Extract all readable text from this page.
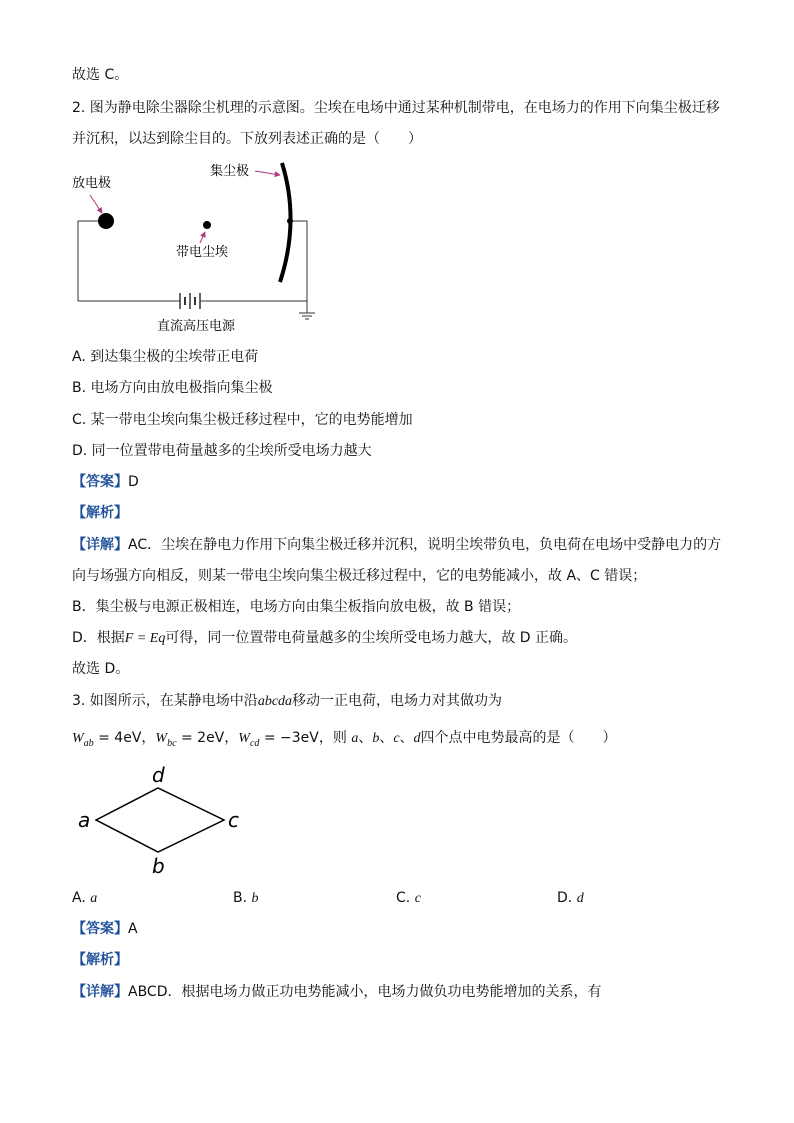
故选 C。
2. 图为静电除尘器除尘机理的示意图。尘埃在电场中通过某种机制带电，在电场力的作用下向集尘极迁移
并沉积，以达到除尘目的。下放列表述正确的是（　　）
放电极
集尘极
带电尘埃
直流高压电源
A. 到达集尘极的尘埃带正电荷
B. 电场方向由放电极指向集尘极
C. 某一带电尘埃向集尘极迁移过程中，它的电势能增加
D. 同一位置带电荷量越多的尘埃所受电场力越大
【答案】D
【解析】
【详解】AC．尘埃在静电力作用下向集尘极迁移并沉积，说明尘埃带负电，负电荷在电场中受静电力的方
向与场强方向相反，则某一带电尘埃向集尘极迁移过程中，它的电势能减小，故 A、C 错误；
B．集尘极与电源正极相连，电场方向由集尘板指向放电极，故 B 错误；
D．根据F = Eq可得，同一位置带电荷量越多的尘埃所受电场力越大，故 D 正确。
故选 D。
3. 如图所示，在某静电场中沿abcda移动一正电荷，电场力对其做功为
$W_{ab} = 4eV$，$W_{bc} = 2eV$，$W_{cd} = -3eV$，则 a、b、c、d四个点中电势最高的是（　　）
a
b
c
d
A. a	B. b	C. c	D. d
【答案】A
【解析】
【详解】ABCD．根据电场力做正功电势能减小，电场力做负功电势能增加的关系，有
